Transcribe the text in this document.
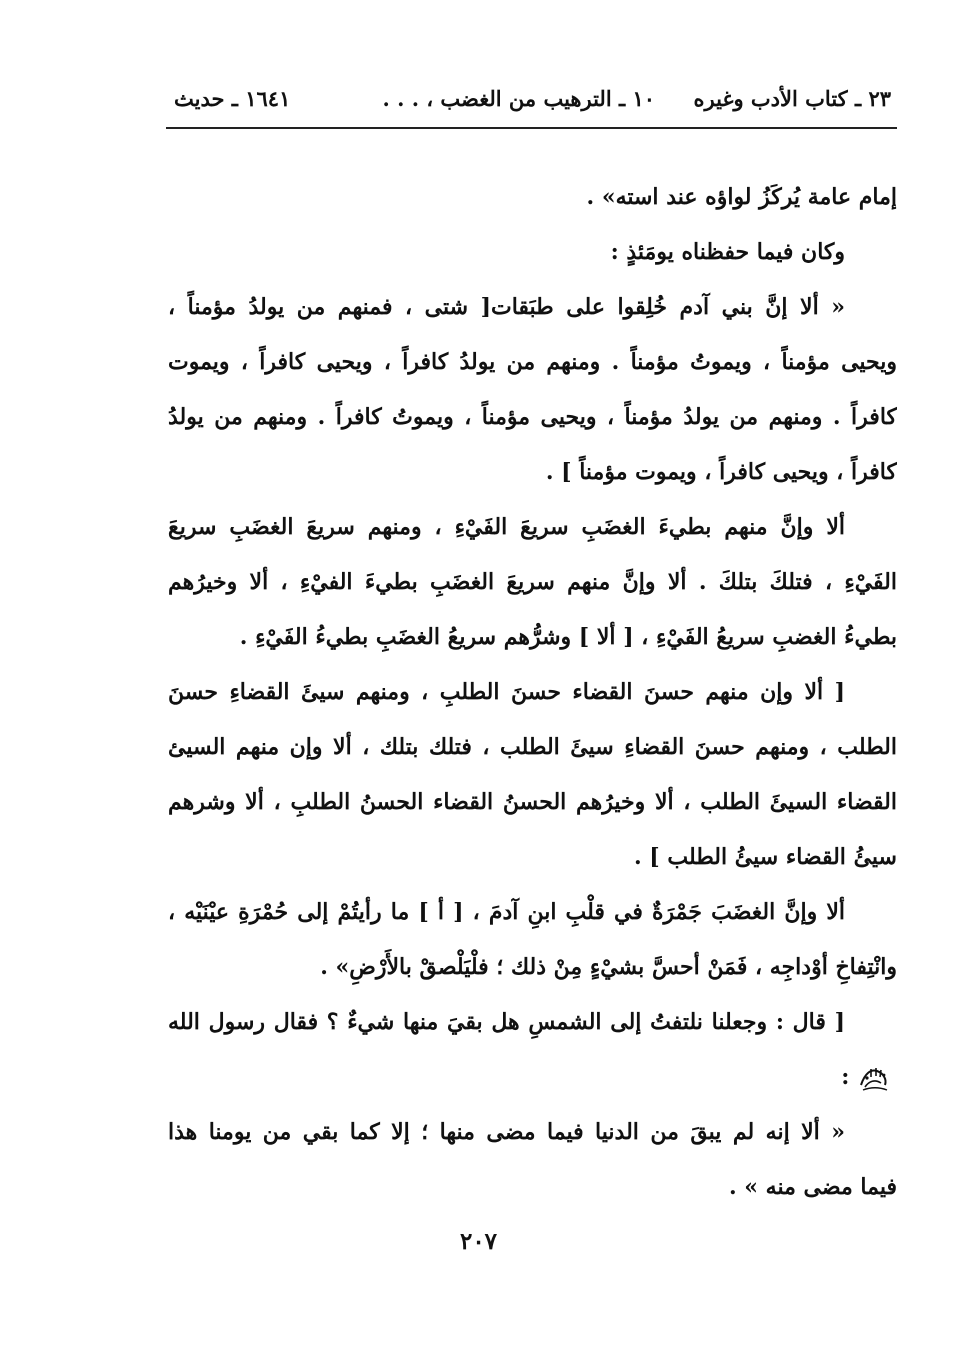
٢٣ ـ كتاب الأدب وغيره
١٠ ـ الترهيب من الغضب ، . . .
١٦٤١ ـ حديث
إمام عامة يُركَزُ لواؤه عند استه» .
وكان فيما حفظناه يومَئذٍ :
« ألا إنَّ بني آدم خُلِقوا على طبَقات[ شتى ، فمنهم من يولدُ مؤمناً ،
ويحيى مؤمناً ، ويموتُ مؤمناً . ومنهم من يولدُ كافراً ، ويحيى كافراً ، ويموت
كافراً . ومنهم من يولدُ مؤمناً ، ويحيى مؤمناً ، ويموتُ كافراً . ومنهم من يولدُ
كافراً ، ويحيى كافراً ، ويموت مؤمناً ] .
ألا وإنَّ منهم بطيءَ الغضَبِ سريعَ الفَيْءِ ، ومنهم سريعَ الغضَبِ سريعَ
الفَيْءِ ، فتلكَ بتلكَ . ألا وإنَّ منهم سريعَ الغضَبِ بطيءَ الفيْءِ ، ألا وخيرُهم
بطيءُ الغضبِ سريعُ الفَيْءِ ، [ ألا ] وشرُّهم سريعُ الغضَبِ بطيءُ الفَيْءِ .
[ ألا وإن منهم حسنَ القضاء حسنَ الطلبِ ، ومنهم سيئَ القضاءِ حسنَ
الطلب ، ومنهم حسنَ القضاءِ سيئَ الطلب ، فتلك بتلك ، ألا وإن منهم السيئ
القضاء السيئَ الطلب ، ألا وخيرُهم الحسنُ القضاء الحسنُ الطلبِ ، ألا وشرهم
سيئُ القضاء سيئُ الطلب ] .
ألا وإنَّ الغضَبَ جَمْرَةٌ في قلْبِ ابنِ آدمَ ، [ أ ] ما رأيتُمْ إلى حُمْرَةِ عيْنَيْه ،
وانْتِفاخِ أوْداجِه ، فَمَنْ أحسَّ بشيْءٍ مِنْ ذلك ؛ فلْيَلْصقْ بالأَرْضِ» .
[ قال : وجعلنا نلتفتُ إلى الشمسِ هل بقيَ منها شيءٌ ؟ فقال رسول الله
:
« ألا إنه لم يبقَ من الدنيا فيما مضى منها ؛ إلا كما بقي من يومنا هذا
فيما مضى منه » .
٢٠٧
